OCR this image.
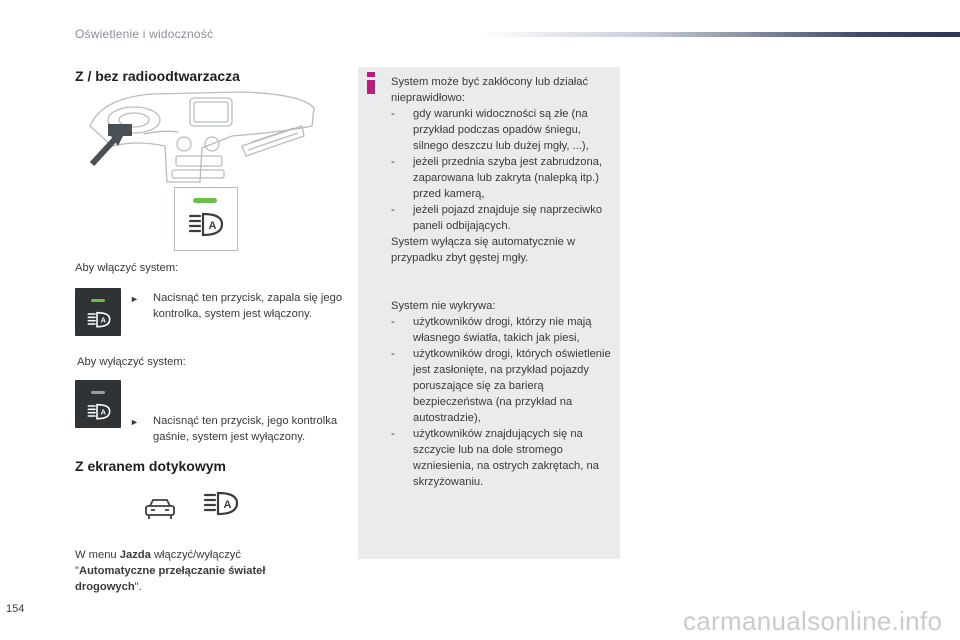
Oświetlenie i widoczność
Z / bez radioodtwarzacza
A
Aby włączyć system:
A
► Nacisnąć ten przycisk, zapala się jego kontrolka, system jest włączony.
Aby wyłączyć system:
A
► Nacisnąć ten przycisk, jego kontrolka gaśnie, system jest wyłączony.
Z ekranem dotykowym
A
W menu Jazda włączyć/wyłączyć
"Automatyczne przełączanie świateł drogowych".
System może być zakłócony lub działać nieprawidłowo:
- gdy warunki widoczności są złe (na przykład podczas opadów śniegu, silnego deszczu lub dużej mgły, ...),
- jeżeli przednia szyba jest zabrudzona, zaparowana lub zakryta (nalepką itp.) przed kamerą,
- jeżeli pojazd znajduje się naprzeciwko paneli odbijających.
System wyłącza się automatycznie w przypadku zbyt gęstej mgły.
System nie wykrywa:
- użytkowników drogi, którzy nie mają własnego światła, takich jak piesi,
- użytkowników drogi, których oświetlenie jest zasłonięte, na przykład pojazdy poruszające się za barierą bezpieczeństwa (na przykład na autostradzie),
- użytkowników znajdujących się na szczycie lub na dole stromego wzniesienia, na ostrych zakrętach, na skrzyżowaniu.
154	carmanualsonline.info
